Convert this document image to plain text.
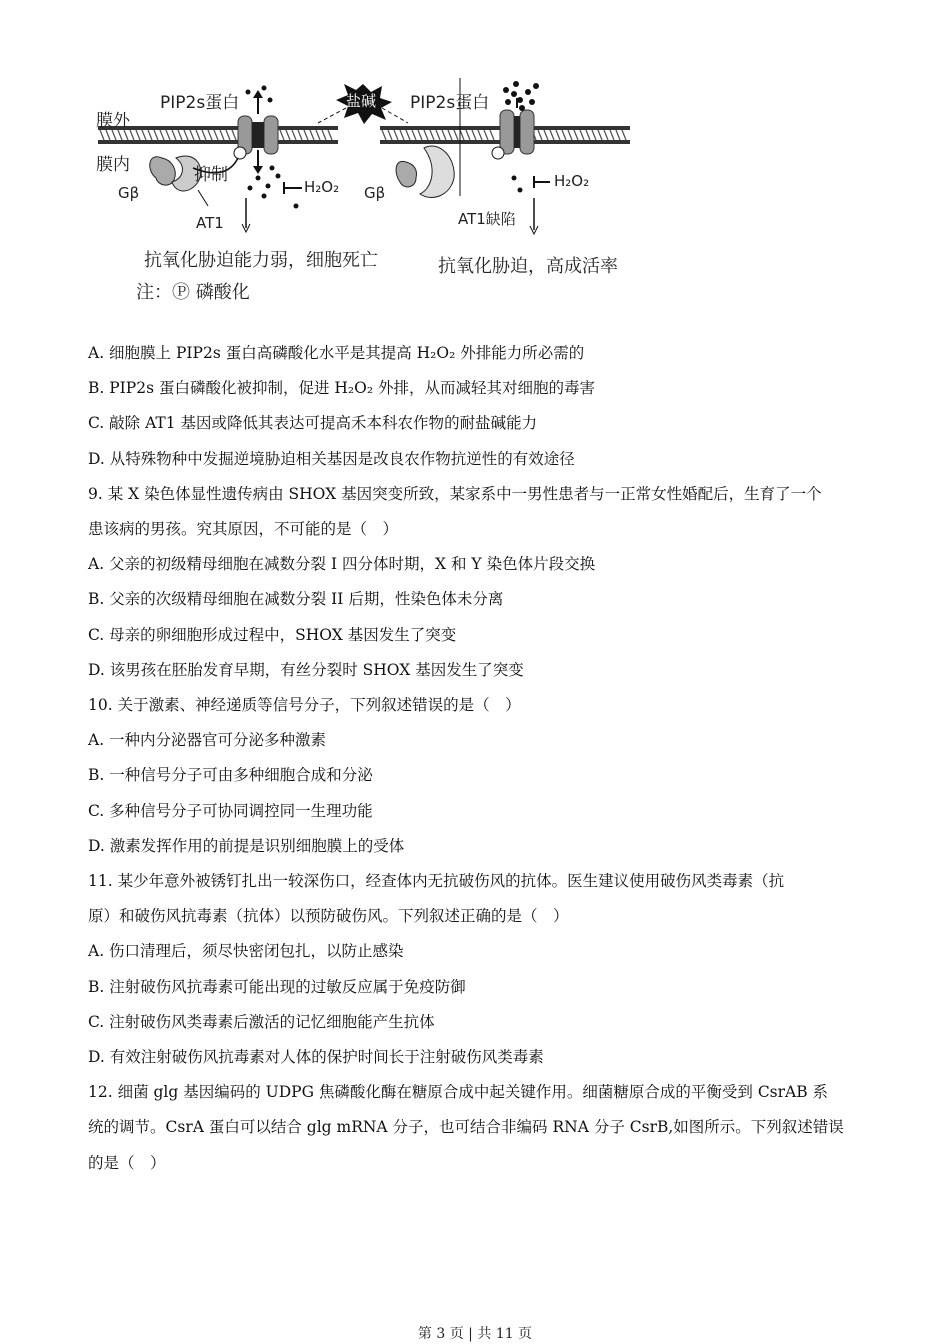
膜外
膜内
PIP2s蛋白	PIP2s蛋白
盐碱
抑制
Gβ	Gβ
AT1	AT1缺陷
H₂O₂	H₂O₂
抗氧化胁迫能力弱，细胞死亡	抗氧化胁迫，高成活率
注：Ⓟ 磷酸化
A. 细胞膜上 PIP2s 蛋白高磷酸化水平是其提高 H₂O₂ 外排能力所必需的
B. PIP2s 蛋白磷酸化被抑制，促进 H₂O₂ 外排，从而减轻其对细胞的毒害
C. 敲除 AT1 基因或降低其表达可提高禾本科农作物的耐盐碱能力
D. 从特殊物种中发掘逆境胁迫相关基因是改良农作物抗逆性的有效途径
9. 某 X 染色体显性遗传病由 SHOX 基因突变所致，某家系中一男性患者与一正常女性婚配后，生育了一个
患该病的男孩。究其原因，不可能的是（　）
A. 父亲的初级精母细胞在减数分裂 I 四分体时期，X 和 Y 染色体片段交换
B. 父亲的次级精母细胞在减数分裂 II 后期，性染色体未分离
C. 母亲的卵细胞形成过程中，SHOX 基因发生了突变
D. 该男孩在胚胎发育早期，有丝分裂时 SHOX 基因发生了突变
10. 关于激素、神经递质等信号分子，下列叙述错误的是（　）
A. 一种内分泌器官可分泌多种激素
B. 一种信号分子可由多种细胞合成和分泌
C. 多种信号分子可协同调控同一生理功能
D. 激素发挥作用的前提是识别细胞膜上的受体
11. 某少年意外被锈钉扎出一较深伤口，经查体内无抗破伤风的抗体。医生建议使用破伤风类毒素（抗
原）和破伤风抗毒素（抗体）以预防破伤风。下列叙述正确的是（　）
A. 伤口清理后，须尽快密闭包扎，以防止感染
B. 注射破伤风抗毒素可能出现的过敏反应属于免疫防御
C. 注射破伤风类毒素后激活的记忆细胞能产生抗体
D. 有效注射破伤风抗毒素对人体的保护时间长于注射破伤风类毒素
12. 细菌 glg 基因编码的 UDPG 焦磷酸化酶在糖原合成中起关键作用。细菌糖原合成的平衡受到 CsrAB 系
统的调节。CsrA 蛋白可以结合 glg mRNA 分子，也可结合非编码 RNA 分子 CsrB,如图所示。下列叙述错误
的是（　）
第 3 页 | 共 11 页
